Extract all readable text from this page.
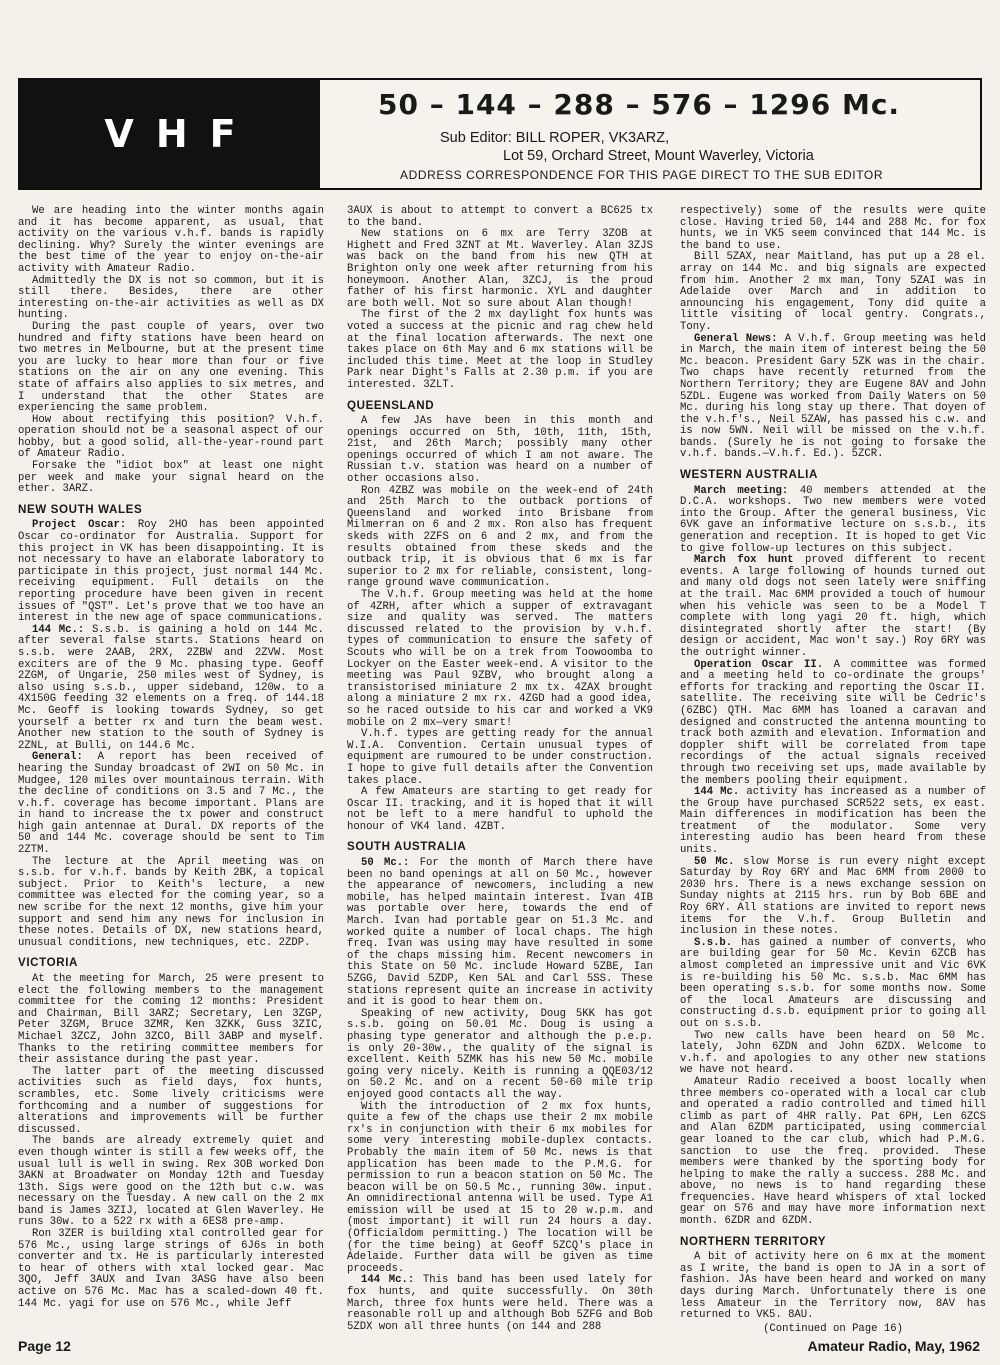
VHF
50 – 144 – 288 – 576 – 1296 Mc.
Sub Editor: BILL ROPER, VK3ARZ,
Lot 59, Orchard Street, Mount Waverley, Victoria
ADDRESS CORRESPONDENCE FOR THIS PAGE DIRECT TO THE SUB EDITOR

We are heading into the winter months again and it has become apparent, as usual, that activity on the various v.h.f. bands is rapidly declining. Why? Surely the winter evenings are the best time of the year to enjoy on-the-air activity with Amateur Radio.

Admittedly the DX is not so common, but it is still there. Besides, there are other interesting on-the-air activities as well as DX hunting.

During the past couple of years, over two hundred and fifty stations have been heard on two metres in Melbourne, but at the present time you are lucky to hear more than four or five stations on the air on any one evening. This state of affairs also applies to six metres, and I understand that the other States are experiencing the same problem.

How about rectifying this position? V.h.f. operation should not be a seasonal aspect of our hobby, but a good solid, all-the-year-round part of Amateur Radio.

Forsake the "idiot box" at least one night per week and make your signal heard on the ether. 3ARZ.

NEW SOUTH WALES

Project Oscar: Roy 2HO has been appointed Oscar co-ordinator for Australia. Support for this project in VK has been disappointing. It is not necessary to have an elaborate laboratory to participate in this project, just normal 144 Mc. receiving equipment. Full details on the reporting procedure have been given in recent issues of "QST". Let's prove that we too have an interest in the new age of space communications.

144 Mc.: S.s.b. is gaining a hold on 144 Mc. after several false starts. Stations heard on s.s.b. were 2AAB, 2RX, 2ZBW and 2ZVW. Most exciters are of the 9 Mc. phasing type. Geoff 2ZGM, of Ungarie, 250 miles west of Sydney, is also using s.s.b., upper sideband, 120w. to a 4X150G feeding 32 elements on a freq. of 144.18 Mc. Geoff is looking towards Sydney, so get yourself a better rx and turn the beam west. Another new station to the south of Sydney is 2ZNL, at Bulli, on 144.6 Mc.

General: A report has been received of hearing the Sunday broadcast of 2WI on 50 Mc. in Mudgee, 120 miles over mountainous terrain. With the decline of conditions on 3.5 and 7 Mc., the v.h.f. coverage has become important. Plans are in hand to increase the tx power and construct high gain antennae at Dural. DX reports of the 50 and 144 Mc. coverage should be sent to Tim 2ZTM.

The lecture at the April meeting was on s.s.b. for v.h.f. bands by Keith 2BK, a topical subject. Prior to Keith's lecture, a new committee was elected for the coming year, so a new scribe for the next 12 months, give him your support and send him any news for inclusion in these notes. Details of DX, new stations heard, unusual conditions, new techniques, etc. 2ZDP.

VICTORIA

At the meeting for March, 25 were present to elect the following members to the management committee for the coming 12 months: President and Chairman, Bill 3ARZ; Secretary, Len 3ZGP, Peter 3ZGM, Bruce 3ZMR, Ken 3ZKK, Guss 3ZIC, Michael 3ZCZ, John 3ZCO, Bill 3ABP and myself. Thanks to the retiring committee members for their assistance during the past year.

The latter part of the meeting discussed activities such as field days, fox hunts, scrambles, etc. Some lively criticisms were forthcoming and a number of suggestions for alterations and improvements will be further discussed.

The bands are already extremely quiet and even though winter is still a few weeks off, the usual lull is well in swing. Rex 3OB worked Don 3AKN at Broadwater on Monday 12th and Tuesday 13th. Sigs were good on the 12th but c.w. was necessary on the Tuesday. A new call on the 2 mx band is James 3ZIJ, located at Glen Waverley. He runs 30w. to a 522 rx with a 6ES8 pre-amp.

Ron 3ZER is building xtal controlled gear for 576 Mc., using large strings of 6J6s in both converter and tx. He is particularly interested to hear of others with xtal locked gear. Mac 3QO, Jeff 3AUX and Ivan 3ASG have also been active on 576 Mc. Mac has a scaled-down 40 ft. 144 Mc. yagi for use on 576 Mc., while Jeff

3AUX is about to attempt to convert a BC625 tx to the band.

New stations on 6 mx are Terry 3ZOB at Highett and Fred 3ZNT at Mt. Waverley. Alan 3ZJS was back on the band from his new QTH at Brighton only one week after returning from his honeymoon. Another Alan, 3ZCJ, is the proud father of his first harmonic. XYL and daughter are both well. Not so sure about Alan though!

The first of the 2 mx daylight fox hunts was voted a success at the picnic and rag chew held at the final location afterwards. The next one takes place on 6th May and 6 mx stations will be included this time. Meet at the loop in Studley Park near Dight's Falls at 2.30 p.m. if you are interested. 3ZLT.

QUEENSLAND

A few JAs have been in this month and openings occurred on 5th, 10th, 11th, 15th, 21st, and 26th March; possibly many other openings occurred of which I am not aware. The Russian t.v. station was heard on a number of other occasions also.

Ron 4ZBZ was mobile on the week-end of 24th and 25th March to the outback portions of Queensland and worked into Brisbane from Milmerran on 6 and 2 mx. Ron also has frequent skeds with 2ZFS on 6 and 2 mx, and from the results obtained from these skeds and the outback trip, it is obvious that 6 mx is far superior to 2 mx for reliable, consistent, long-range ground wave communication.

The V.h.f. Group meeting was held at the home of 4ZRH, after which a supper of extravagant size and quality was served. The matters discussed related to the provision by v.h.f. types of communication to ensure the safety of Scouts who will be on a trek from Toowoomba to Lockyer on the Easter week-end. A visitor to the meeting was Paul 9ZBV, who brought along a transistorised miniature 2 mx tx. 4ZAX brought along a miniature 2 mx rx. 4ZGD had a good idea, so he raced outside to his car and worked a VK9 mobile on 2 mx—very smart!

V.h.f. types are getting ready for the annual W.I.A. Convention. Certain unusual types of equipment are rumoured to be under construction. I hope to give full details after the Convention takes place.

A few Amateurs are starting to get ready for Oscar II. tracking, and it is hoped that it will not be left to a mere handful to uphold the honour of VK4 land. 4ZBT.

SOUTH AUSTRALIA

50 Mc.: For the month of March there have been no band openings at all on 50 Mc., however the appearance of newcomers, including a new mobile, has helped maintain interest. Ivan 4IB was portable over here, towards the end of March. Ivan had portable gear on 51.3 Mc. and worked quite a number of local chaps. The high freq. Ivan was using may have resulted in some of the chaps missing him. Recent newcomers in this State on 50 Mc. include Howard 5ZBE, Ian 5ZGG, David 5ZDP, Ken 5AL and Carl 5SS. These stations represent quite an increase in activity and it is good to hear them on.

Speaking of new activity, Doug 5KK has got s.s.b. going on 50.01 Mc. Doug is using a phasing type generator and although the p.e.p. is only 20-30w., the quality of the signal is excellent. Keith 5ZMK has his new 50 Mc. mobile going very nicely. Keith is running a QQE03/12 on 50.2 Mc. and on a recent 50-60 mile trip enjoyed good contacts all the way.

With the introduction of 2 mx fox hunts, quite a few of the chaps use their 2 mx mobile rx's in conjunction with their 6 mx mobiles for some very interesting mobile-duplex contacts. Probably the main item of 50 Mc. news is that application has been made to the P.M.G. for permission to run a beacon station on 50 Mc. The beacon will be on 50.5 Mc., running 30w. input. An omnidirectional antenna will be used. Type A1 emission will be used at 15 to 20 w.p.m. and (most important) it will run 24 hours a day. (Officialdom permitting.) The location will be (for the time being) at Geoff 5ZCQ's place in Adelaide. Further data will be given as time proceeds.

144 Mc.: This band has been used lately for fox hunts, and quite successfully. On 30th March, three fox hunts were held. There was a reasonable roll up and although Bob 5ZFG and Bob 5ZDX won all three hunts (on 144 and 288

respectively) some of the results were quite close. Having tried 50, 144 and 288 Mc. for fox hunts, we in VK5 seem convinced that 144 Mc. is the band to use.

Bill 5ZAX, near Maitland, has put up a 28 el. array on 144 Mc. and big signals are expected from him. Another 2 mx man, Tony 5ZAI was in Adelaide over March and in addition to announcing his engagement, Tony did quite a little visiting of local gentry. Congrats., Tony.

General News: A V.h.f. Group meeting was held in March, the main item of interest being the 50 Mc. beacon. President Gary 5ZK was in the chair. Two chaps have recently returned from the Northern Territory; they are Eugene 8AV and John 5ZDL. Eugene was worked from Daily Waters on 50 Mc. during his long stay up there. That doyen of the v.h.f's., Neil 5ZAW, has passed his c.w. and is now 5WN. Neil will be missed on the v.h.f. bands. (Surely he is not going to forsake the v.h.f. bands.—V.h.f. Ed.). 5ZCR.

WESTERN AUSTRALIA

March meeting: 40 members attended at the D.C.A. workshops. Two new members were voted into the Group. After the general business, Vic 6VK gave an informative lecture on s.s.b., its generation and reception. It is hoped to get Vic to give follow-up lectures on this subject.

March fox hunt proved different to recent events. A large following of hounds turned out and many old dogs not seen lately were sniffing at the trail. Mac 6MM provided a touch of humour when his vehicle was seen to be a Model T complete with long yagi 20 ft. high, which disintegrated shortly after the start! (By design or accident, Mac won't say.) Roy 6RY was the outright winner.

Operation Oscar II. A committee was formed and a meeting held to co-ordinate the groups' efforts for tracking and reporting the Oscar II. satellite. The receiving site will be Cedric's (6ZBC) QTH. Mac 6MM has loaned a caravan and designed and constructed the antenna mounting to track both azmith and elevation. Information and doppler shift will be correlated from tape recordings of the actual signals received through two receiving set ups, made available by the members pooling their equipment.

144 Mc. activity has increased as a number of the Group have purchased SCR522 sets, ex east. Main differences in modification has been the treatment of the modulator. Some very interesting audio has been heard from these units.

50 Mc. slow Morse is run every night except Saturday by Roy 6RY and Mac 6MM from 2000 to 2030 hrs. There is a news exchange session on Sunday nights at 2115 hrs. run by Bob 6BE and Roy 6RY. All stations are invited to report news items for the V.h.f. Group Bulletin and inclusion in these notes.

S.s.b. has gained a number of converts, who are building gear for 50 Mc. Kevin 6ZCB has almost completed an impressive unit and Vic 6VK is re-building his 50 Mc. s.s.b. Mac 6MM has been operating s.s.b. for some months now. Some of the local Amateurs are discussing and constructing d.s.b. equipment prior to going all out on s.s.b.

Two new calls have been heard on 50 Mc. lately, John 6ZDN and John 6ZDX. Welcome to v.h.f. and apologies to any other new stations we have not heard.

Amateur Radio received a boost locally when three members co-operated with a local car club and operated a radio controlled and timed hill climb as part of 4HR rally. Pat 6PH, Len 6ZCS and Alan 6ZDM participated, using commercial gear loaned to the car club, which had P.M.G. sanction to use the freq. provided. These members were thanked by the sporting body for helping to make the rally a success. 288 Mc. and above, no news is to hand regarding these frequencies. Have heard whispers of xtal locked gear on 576 and may have more information next month. 6ZDR and 6ZDM.

NORTHERN TERRITORY

A bit of activity here on 6 mx at the moment as I write, the band is open to JA in a sort of fashion. JAs have been heard and worked on many days during March. Unfortunately there is one less Amateur in the Territory now, 8AV has returned to VK5. 8AU.

(Continued on Page 16)

Page 12	Amateur Radio, May, 1962
